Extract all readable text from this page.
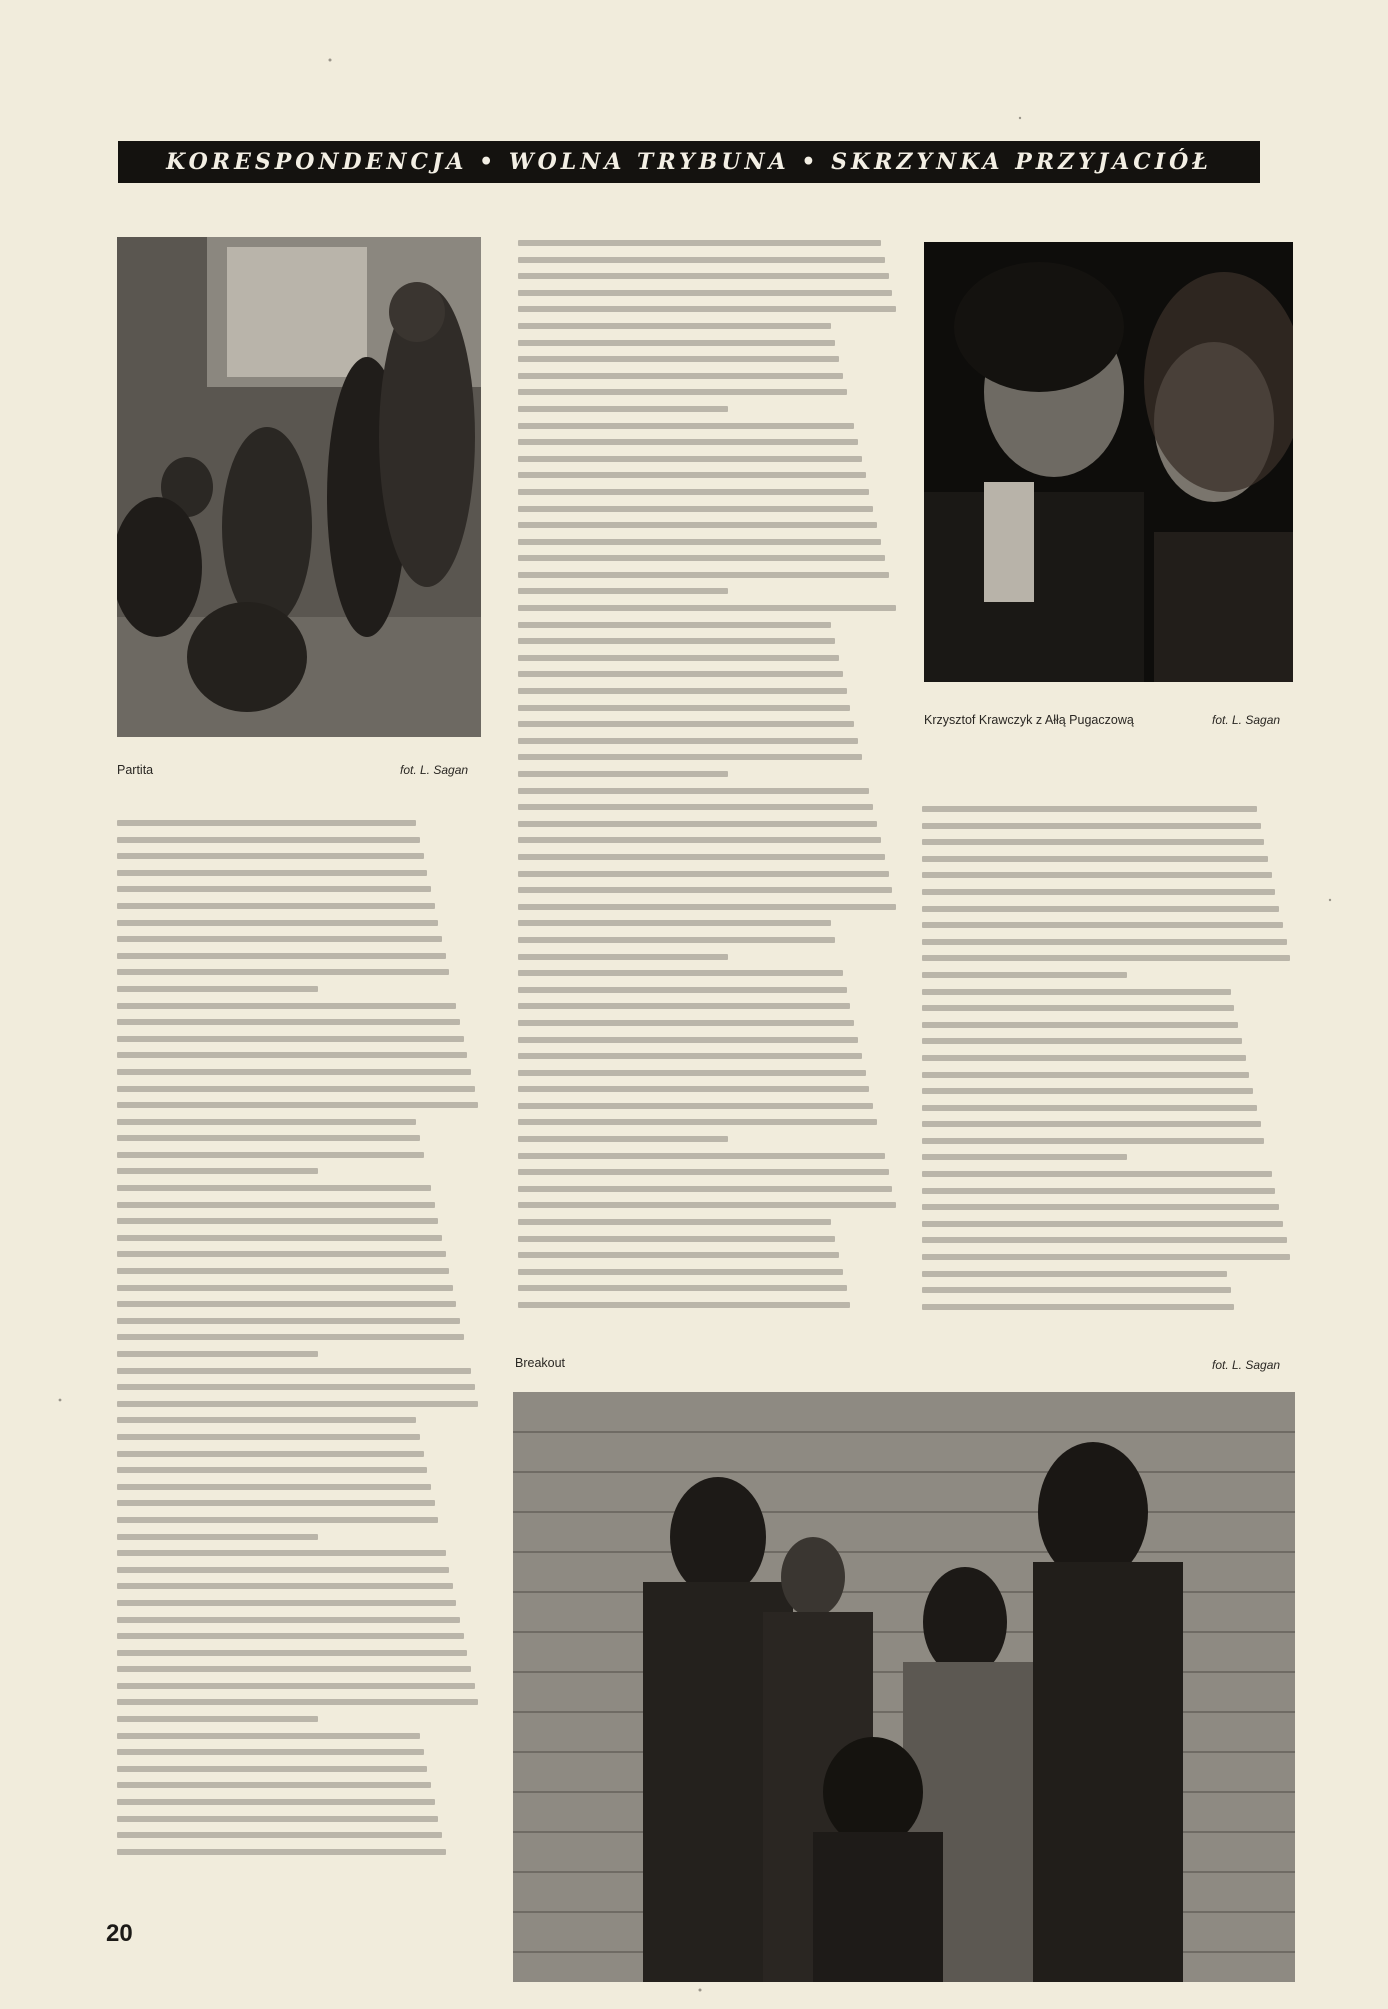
KORESPONDENCJA • WOLNA TRYBUNA • SKRZYNKA PRZYJACIÓŁ
Partita	fot. L. Sagan
Krzysztof Krawczyk z Ałłą Pugaczową	fot. L. Sagan
Breakout	fot. L. Sagan
20
